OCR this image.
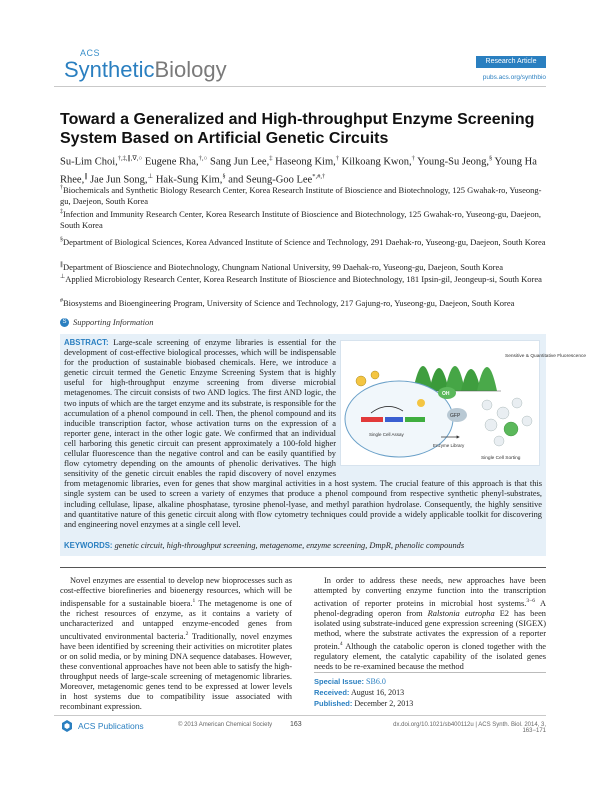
ACS
SyntheticBiology	Research Article
pubs.acs.org/synthbio
Toward a Generalized and High-throughput Enzyme Screening System Based on Artificial Genetic Circuits
Su-Lim Choi,†,‡,∥,∇,○ Eugene Rha,†,○ Sang Jun Lee,‡ Haseong Kim,† Kilkoang Kwon,† Young-Su Jeong,§ Young Ha Rhee,∥ Jae Jun Song,⊥ Hak-Sung Kim,§ and Seung-Goo Lee*,#,†
†Biochemicals and Synthetic Biology Research Center, Korea Research Institute of Bioscience and Biotechnology, 125 Gwahak-ro, Yuseong-gu, Daejeon, South Korea
‡Infection and Immunity Research Center, Korea Research Institute of Bioscience and Biotechnology, 125 Gwahak-ro, Yuseong-gu, Daejeon, South Korea
§Department of Biological Sciences, Korea Advanced Institute of Science and Technology, 291 Daehak-ro, Yuseong-gu, Daejeon, South Korea
∥Department of Bioscience and Biotechnology, Chungnam National University, 99 Daehak-ro, Yuseong-gu, Daejeon, South Korea
⊥Applied Microbiology Research Center, Korea Research Institute of Bioscience and Biotechnology, 181 Ipsin-gil, Jeongeup-si, South Korea
#Biosystems and Bioengineering Program, University of Science and Technology, 217 Gajung-ro, Yuseong-gu, Daejeon, South Korea
S Supporting Information
Sensitive & Quantitative Fluorescence
Single Cell Assay
OH
GFP
Enzyme Library
Single Cell Sorting
ABSTRACT: Large-scale screening of enzyme libraries is essential for the development of cost-effective biological processes, which will be indispensable for the production of sustainable biobased chemicals. Here, we introduce a genetic circuit termed the Genetic Enzyme Screening System that is highly useful for high-throughput enzyme screening from diverse microbial metagenomes. The circuit consists of two AND logics. The first AND logic, the two inputs of which are the target enzyme and its substrate, is responsible for the accumulation of a phenol compound in cell. Then, the phenol compound and its inducible transcription factor, whose activation turns on the expression of a reporter gene, interact in the other logic gate. We confirmed that an individual cell harboring this genetic circuit can present approximately a 100-fold higher cellular fluorescence than the negative control and can be easily quantified by flow cytometry depending on the amounts of phenolic derivatives. The high sensitivity of the genetic circuit enables the rapid discovery of novel enzymes from metagenomic libraries, even for genes that show marginal activities in a host system. The crucial feature of this approach is that this single system can be used to screen a variety of enzymes that produce a phenol compound from respective synthetic phenyl-substrates, including cellulase, lipase, alkaline phosphatase, tyrosine phenol-lyase, and methyl parathion hydrolase. Consequently, the highly sensitive and quantitative nature of this genetic circuit along with flow cytometry techniques could provide a widely applicable toolkit for discovering and engineering novel enzymes at a single cell level.
KEYWORDS: genetic circuit, high-throughput screening, metagenome, enzyme screening, DmpR, phenolic compounds
Novel enzymes are essential to develop new bioprocesses such as cost-effective biorefineries and bioenergy resources, which will be indispensable for a sustainable bioera.$^1$ The metagenome is one of the richest resources of enzyme, as it contains a variety of uncharacterized and untapped enzyme-encoded genes from uncultivated environmental bacteria.$^2$ Traditionally, novel enzymes have been identified by screening their activities on microtiter plates or on solid media, or by mining DNA sequence databases. However, these conventional approaches have not been able to satisfy the high-throughput needs of large-scale screening of metagenomic libraries. Moreover, metagenomic genes tend to be expressed at lower levels in host systems due to compatibility issue associated with recombinant expression.
In order to address these needs, new approaches have been attempted by converting enzyme function into the transcription activation of reporter proteins in microbial host systems.$^{3-6}$ A phenol-degrading operon from Ralstonia eutropha E2 has been isolated using substrate-induced gene expression screening (SIGEX) method, where the substrate activates the expression of a reporter protein.$^4$ Although the catabolic operon is cloned together with the regulatory element, the catalytic capability of the isolated genes needs to be re-examined because the method
Special Issue: SB6.0
Received: August 16, 2013
Published: December 2, 2013
ACS Publications	© 2013 American Chemical Society	163	dx.doi.org/10.1021/sb400112u | ACS Synth. Biol. 2014, 3, 163−171
